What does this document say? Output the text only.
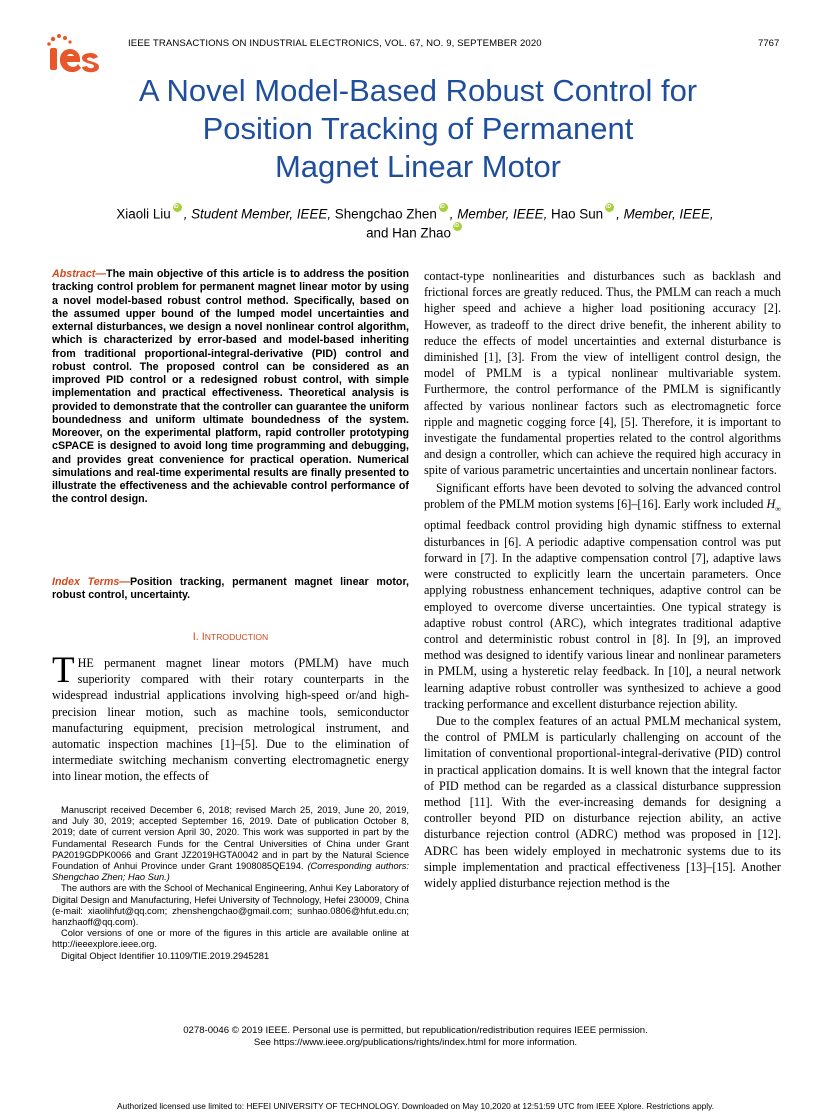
IEEE TRANSACTIONS ON INDUSTRIAL ELECTRONICS, VOL. 67, NO. 9, SEPTEMBER 2020	7767
A Novel Model-Based Robust Control for
Position Tracking of Permanent
Magnet Linear Motor
Xiaoli Liu iD , Student Member, IEEE, Shengchao Zhen iD , Member, IEEE, Hao Sun iD , Member, IEEE,
and Han ZhaoiD
Abstract—The main objective of this article is to address the position tracking control problem for permanent magnet linear motor by using a novel model-based robust control method. Specifically, based on the assumed upper bound of the lumped model uncertainties and external disturbances, we design a novel nonlinear control algorithm, which is characterized by error-based and model-based inheriting from traditional proportional-integral-derivative (PID) control and robust control. The proposed control can be considered as an improved PID control or a redesigned robust control, with simple implementation and practical effectiveness. Theoretical analysis is provided to demonstrate that the controller can guarantee the uniform boundedness and uniform ultimate boundedness of the system. Moreover, on the experimental platform, rapid controller prototyping cSPACE is designed to avoid long time programming and debugging, and provides great convenience for practical operation. Numerical simulations and real-time experimental results are finally presented to illustrate the effectiveness and the achievable control performance of the control design.
Index Terms—Position tracking, permanent magnet linear motor, robust control, uncertainty.
I. INTRODUCTION
THE permanent magnet linear motors (PMLM) have much superiority compared with their rotary counterparts in the widespread industrial applications involving high-speed or/and high-precision linear motion, such as machine tools, semiconductor manufacturing equipment, precision metrological instrument, and automatic inspection machines [1]–[5]. Due to the elimination of intermediate switching mechanism converting electromagnetic energy into linear motion, the effects of

Manuscript received December 6, 2018; revised March 25, 2019, June 20, 2019, and July 30, 2019; accepted September 16, 2019. Date of publication October 8, 2019; date of current version April 30, 2020. This work was supported in part by the Fundamental Research Funds for the Central Universities of China under Grant PA2019GDPK0066 and Grant JZ2019HGTA0042 and in part by the Natural Science Foundation of Anhui Province under Grant 1908085QE194. (Corresponding authors: Shengchao Zhen; Hao Sun.)

The authors are with the School of Mechanical Engineering, Anhui Key Laboratory of Digital Design and Manufacturing, Hefei University of Technology, Hefei 230009, China (e-mail: xiaolihfut@qq.com; zhenshengchao@gmail.com; sunhao.0806@hfut.edu.cn; hanzhaoff@qq.com).

Color versions of one or more of the figures in this article are available online at http://ieeexplore.ieee.org.

Digital Object Identifier 10.1109/TIE.2019.2945281

contact-type nonlinearities and disturbances such as backlash and frictional forces are greatly reduced. Thus, the PMLM can reach a much higher speed and achieve a higher load positioning accuracy [2]. However, as tradeoff to the direct drive benefit, the inherent ability to reduce the effects of model uncertainties and external disturbance is diminished [1], [3]. From the view of intelligent control design, the model of PMLM is a typical nonlinear multivariable system. Furthermore, the control performance of the PMLM is significantly affected by various nonlinear factors such as electromagnetic force ripple and magnetic cogging force [4], [5]. Therefore, it is important to investigate the fundamental properties related to the control algorithms and design a controller, which can achieve the required high accuracy in spite of various parametric uncertainties and uncertain nonlinear factors.

Significant efforts have been devoted to solving the advanced control problem of the PMLM motion systems [6]–[16]. Early work included $H_\infty$ optimal feedback control providing high dynamic stiffness to external disturbances in [6]. A periodic adaptive compensation control was put forward in [7]. In the adaptive compensation control [7], adaptive laws were constructed to explicitly learn the uncertain parameters. Once applying robustness enhancement techniques, adaptive control can be employed to overcome diverse uncertainties. One typical strategy is adaptive robust control (ARC), which integrates traditional adaptive control and deterministic robust control in [8]. In [9], an improved method was designed to identify various linear and nonlinear parameters in PMLM, using a hysteretic relay feedback. In [10], a neural network learning adaptive robust controller was synthesized to achieve a good tracking performance and excellent disturbance rejection ability.

Due to the complex features of an actual PMLM mechanical system, the control of PMLM is particularly challenging on account of the limitation of conventional proportional-integral-derivative (PID) control in practical application domains. It is well known that the integral factor of PID method can be regarded as a classical disturbance suppression method [11]. With the ever-increasing demands for designing a controller beyond PID on disturbance rejection ability, an active disturbance rejection control (ADRC) method was proposed in [12]. ADRC has been widely employed in mechatronic systems due to its simple implementation and practical effectiveness [13]–[15]. Another widely applied disturbance rejection method is the

0278-0046 © 2019 IEEE. Personal use is permitted, but republication/redistribution requires IEEE permission.
See https://www.ieee.org/publications/rights/index.html for more information.
Authorized licensed use limited to: HEFEI UNIVERSITY OF TECHNOLOGY. Downloaded on May 10,2020 at 12:51:59 UTC from IEEE Xplore. Restrictions apply.
